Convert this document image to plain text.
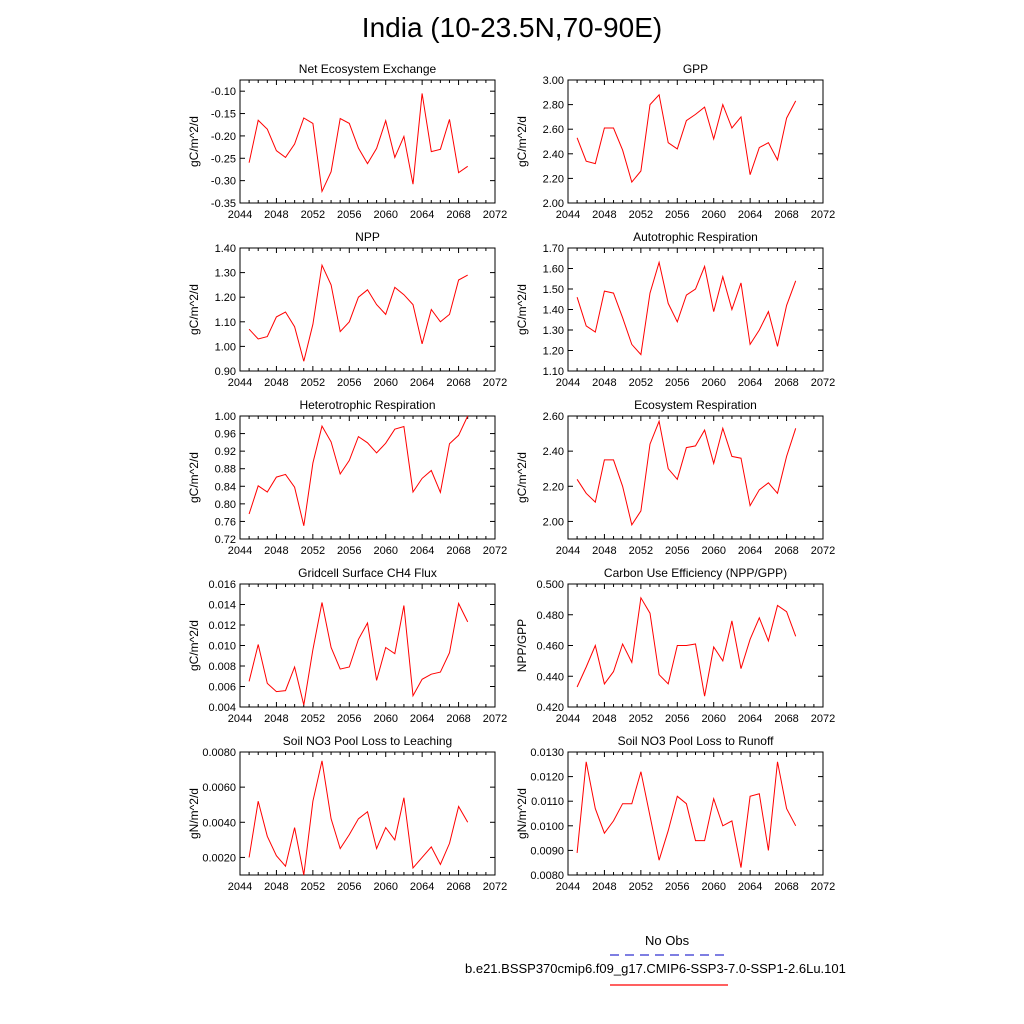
India (10-23.5N,70-90E)
Net Ecosystem Exchange
gC/m^2/d
2044 2048 2052 2056 2060 2064 2068 2072
-0.35
-0.30
-0.25
-0.20
-0.15
-0.10
GPP
gC/m^2/d
2044 2048 2052 2056 2060 2064 2068 2072
2.00
2.20
2.40
2.60
2.80
3.00
NPP
gC/m^2/d
2044 2048 2052 2056 2060 2064 2068 2072
0.90
1.00
1.10
1.20
1.30
1.40
Autotrophic Respiration
gC/m^2/d
2044 2048 2052 2056 2060 2064 2068 2072
1.10
1.20
1.30
1.40
1.50
1.60
1.70
Heterotrophic Respiration
gC/m^2/d
2044 2048 2052 2056 2060 2064 2068 2072
0.72
0.76
0.80
0.84
0.88
0.92
0.96
1.00
Ecosystem Respiration
gC/m^2/d
2044 2048 2052 2056 2060 2064 2068 2072
2.00
2.20
2.40
2.60
Gridcell Surface CH4 Flux
gC/m^2/d
2044 2048 2052 2056 2060 2064 2068 2072
0.004
0.006
0.008
0.010
0.012
0.014
0.016
Carbon Use Efficiency (NPP/GPP)
NPP/GPP
2044 2048 2052 2056 2060 2064 2068 2072
0.420
0.440
0.460
0.480
0.500
Soil NO3 Pool Loss to Leaching
gN/m^2/d
2044 2048 2052 2056 2060 2064 2068 2072
0.0020
0.0040
0.0060
0.0080
Soil NO3 Pool Loss to Runoff
gN/m^2/d
2044 2048 2052 2056 2060 2064 2068 2072
0.0080
0.0090
0.0100
0.0110
0.0120
0.0130
No Obs
b.e21.BSSP370cmip6.f09_g17.CMIP6-SSP3-7.0-SSP1-2.6Lu.101
